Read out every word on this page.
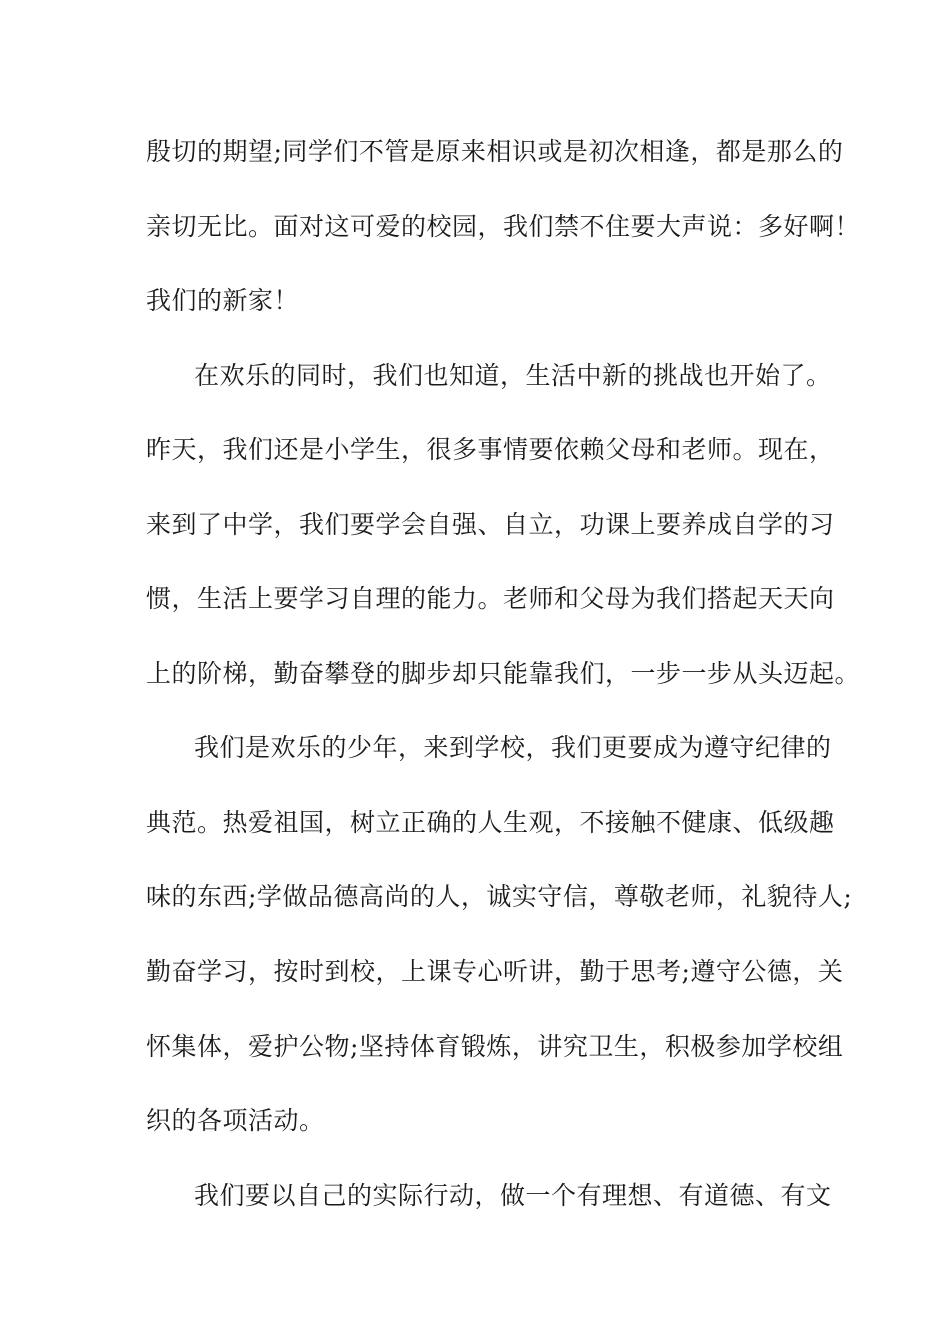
殷切的期望;同学们不管是原来相识或是初次相逢，都是那么的
亲切无比。面对这可爱的校园，我们禁不住要大声说：多好啊！
我们的新家！
在欢乐的同时，我们也知道，生活中新的挑战也开始了。
昨天，我们还是小学生，很多事情要依赖父母和老师。现在，
来到了中学，我们要学会自强、自立，功课上要养成自学的习
惯，生活上要学习自理的能力。老师和父母为我们搭起天天向
上的阶梯，勤奋攀登的脚步却只能靠我们，一步一步从头迈起。
我们是欢乐的少年，来到学校，我们更要成为遵守纪律的
典范。热爱祖国，树立正确的人生观，不接触不健康、低级趣
味的东西;学做品德高尚的人，诚实守信，尊敬老师，礼貌待人;
勤奋学习，按时到校，上课专心听讲，勤于思考;遵守公德，关
怀集体，爱护公物;坚持体育锻炼，讲究卫生，积极参加学校组
织的各项活动。
我们要以自己的实际行动，做一个有理想、有道德、有文
